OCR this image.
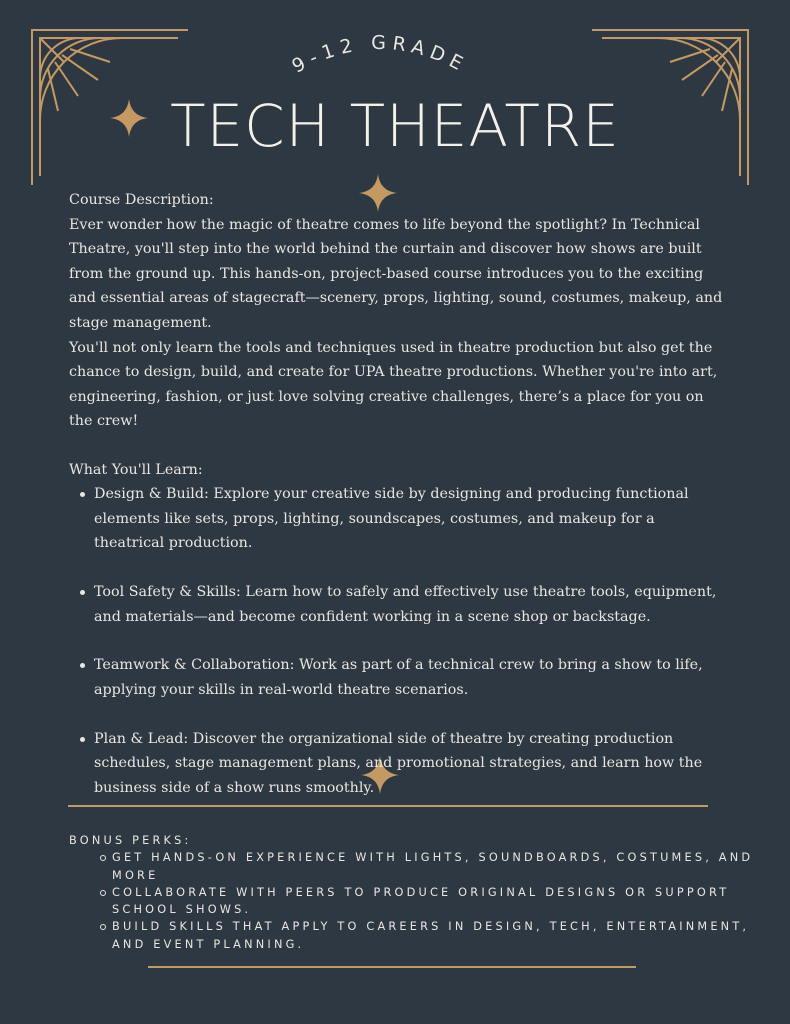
9-12 GRADE
TECH THEATRE

Course Description:

Ever wonder how the magic of theatre comes to life beyond the spotlight? In Technical Theatre, you'll step into the world behind the curtain and discover how shows are built from the ground up. This hands-on, project-based course introduces you to the exciting and essential areas of stagecraft—scenery, props, lighting, sound, costumes, makeup, and stage management.

You'll not only learn the tools and techniques used in theatre production but also get the chance to design, build, and create for UPA theatre productions. Whether you're into art, engineering, fashion, or just love solving creative challenges, there’s a place for you on the crew!

What You'll Learn:
Design & Build: Explore your creative side by designing and producing functional elements like sets, props, lighting, soundscapes, costumes, and makeup for a theatrical production.
Tool Safety & Skills: Learn how to safely and effectively use theatre tools, equipment, and materials—and become confident working in a scene shop or backstage.
Teamwork & Collaboration: Work as part of a technical crew to bring a show to life, applying your skills in real-world theatre scenarios.
Plan & Lead: Discover the organizational side of theatre by creating production schedules, stage management plans, and promotional strategies, and learn how the business side of a show runs smoothly.
BONUS PERKS:
GET HANDS-ON EXPERIENCE WITH LIGHTS, SOUNDBOARDS, COSTUMES, AND MORE
COLLABORATE WITH PEERS TO PRODUCE ORIGINAL DESIGNS OR SUPPORT SCHOOL SHOWS.
BUILD SKILLS THAT APPLY TO CAREERS IN DESIGN, TECH, ENTERTAINMENT, AND EVENT PLANNING.
